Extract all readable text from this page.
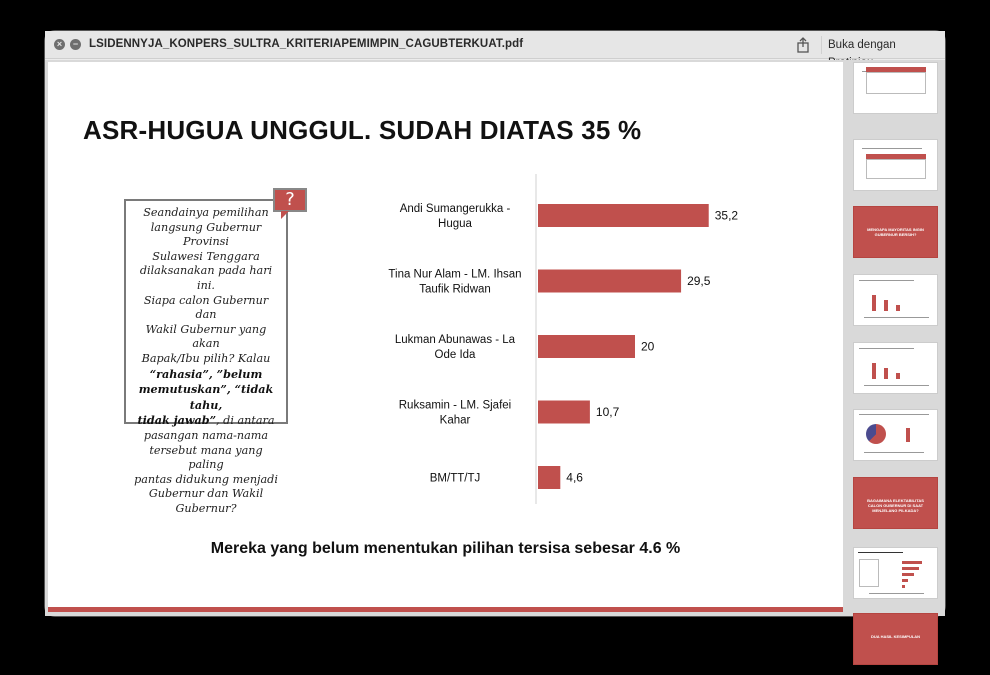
×	− LSIDENNYJA_KONPERS_SULTRA_KRITERIAPEMIMPIN_CAGUBTERKUAT.pdf	Buka dengan
ASR-HUGUA UNGGUL. SUDAH DIATAS 35 %
Seandainya pemilihan
langsung Gubernur Provinsi
Sulawesi Tenggara
dilaksanakan pada hari ini.
Siapa calon Gubernur dan
Wakil Gubernur yang akan
Bapak/Ibu pilih? Kalau
“rahasia”, ”belum
memutuskan”, “tidak tahu,
tidak jawab”, di antara
pasangan nama-nama
tersebut mana yang paling
pantas didukung menjadi
Gubernur dan Wakil
Gubernur?
?
35,2
Andi Sumangerukka -
Hugua
29,5
Tina Nur Alam - LM. Ihsan
Taufik Ridwan
20
Lukman Abunawas - La
Ode Ida
10,7
Ruksamin - LM. Sjafei
Kahar
4,6
BM/TT/TJ
Mereka yang belum menentukan pilihan tersisa sebesar 4.6 %
MENGAPA MAYORITAS INGIN GUBERNUR BERSIH?
BAGAIMANA ELEKTABILITAS CALON GUBERNUR DI SAAT MENJELANG PILKADA?
DUA HASIL KESIMPULAN
